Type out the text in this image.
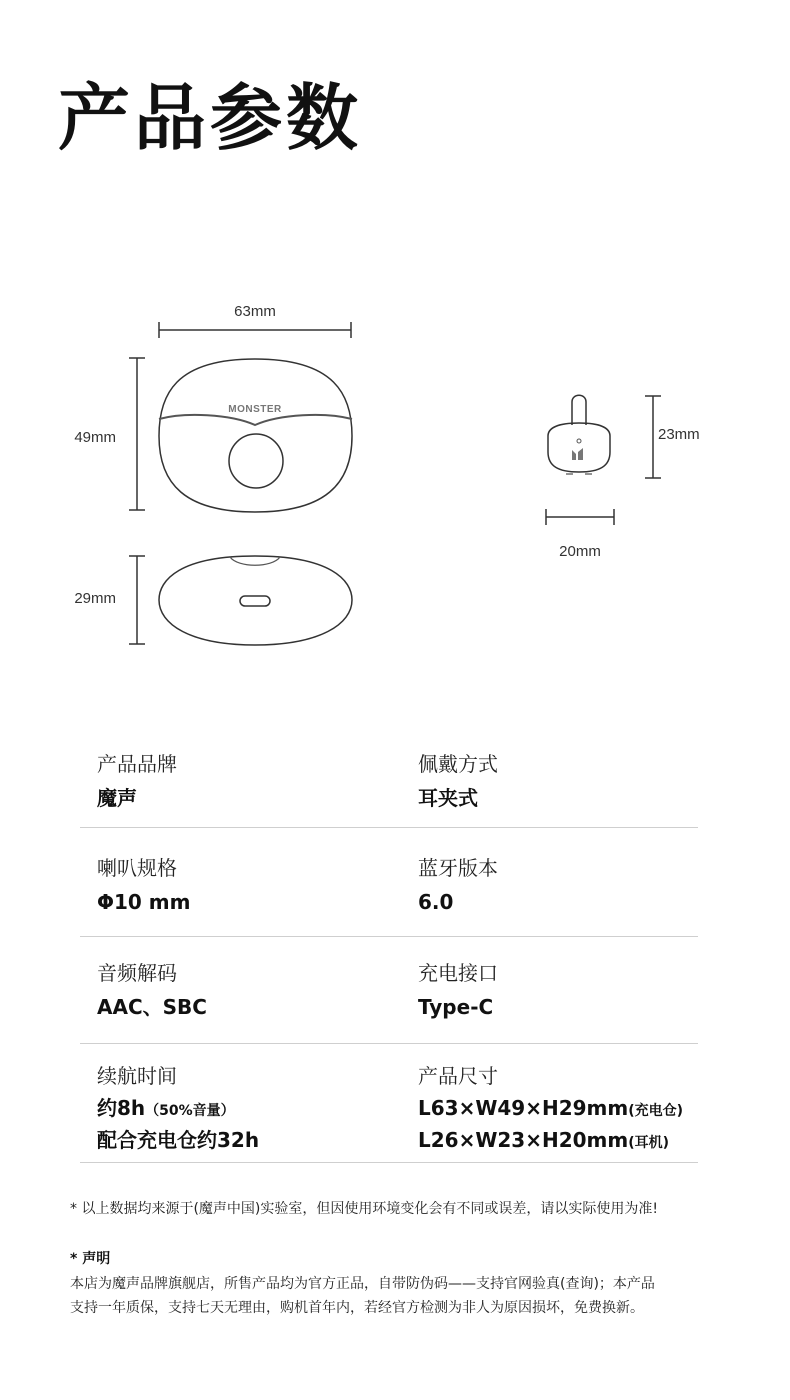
产品参数
63mm
49mm
MONSTER
29mm
23mm
20mm
产品品牌
魔声
佩戴方式
耳夹式
喇叭规格
Φ10 mm
蓝牙版本
6.0
音频解码
AAC、SBC
充电接口
Type-C
续航时间
约8h（50%音量）
配合充电仓约32h
产品尺寸
L63×W49×H29mm(充电仓)
L26×W23×H20mm(耳机)
* 以上数据均来源于(魔声中国)实验室，但因使用环境变化会有不同或误差，请以实际使用为准!
* 声明
本店为魔声品牌旗舰店，所售产品均为官方正品，自带防伪码——支持官网验真(查询)；本产品
支持一年质保，支持七天无理由，购机首年内，若经官方检测为非人为原因损坏，免费换新。
